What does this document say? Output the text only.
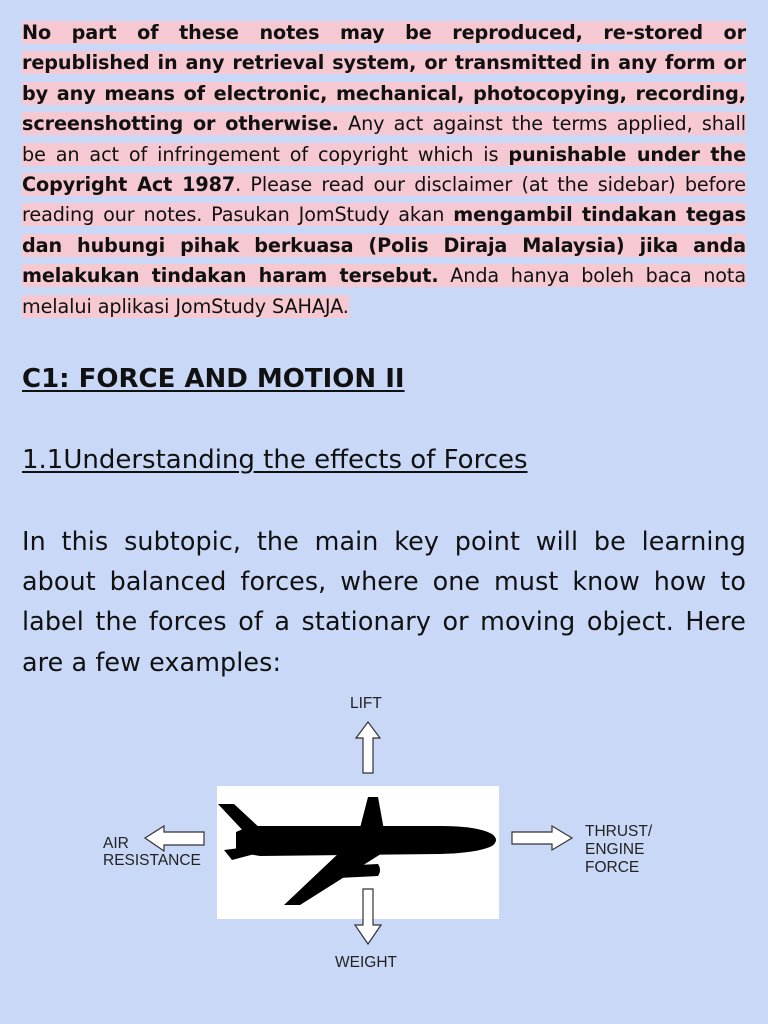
No part of these notes may be reproduced, re-stored or republished in any retrieval system, or transmitted in any form or by any means of electronic, mechanical, photocopying, recording, screenshotting or otherwise. Any act against the terms applied, shall be an act of infringement of copyright which is punishable under the Copyright Act 1987. Please read our disclaimer (at the sidebar) before reading our notes. Pasukan JomStudy akan mengambil tindakan tegas dan hubungi pihak berkuasa (Polis Diraja Malaysia) jika anda melakukan tindakan haram tersebut. Anda hanya boleh baca nota melalui aplikasi JomStudy SAHAJA.
C1: FORCE AND MOTION II
1.1Understanding the effects of Forces
In this subtopic, the main key point will be learning about balanced forces, where one must know how to label the forces of a stationary or moving object. Here are a few examples:
LIFT
AIR
RESISTANCE
THRUST/
ENGINE
FORCE
WEIGHT
